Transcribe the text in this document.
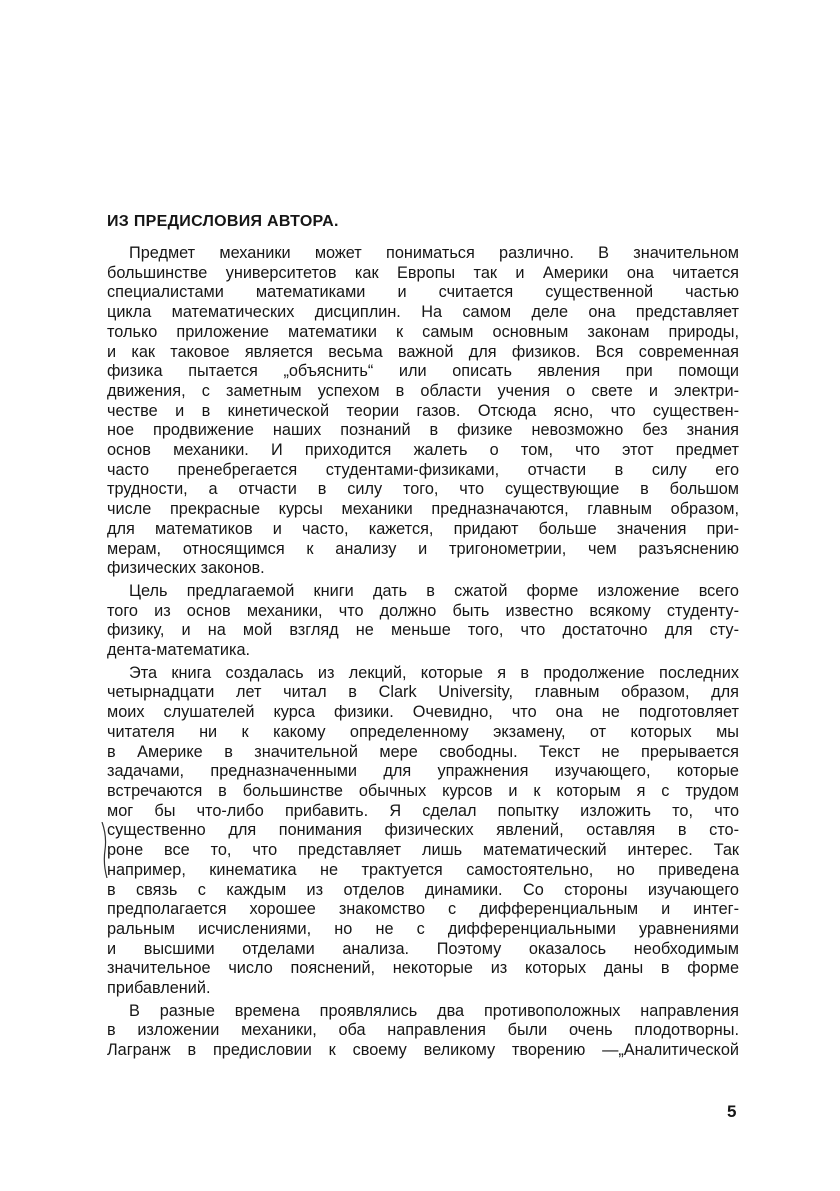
ИЗ ПРЕДИСЛОВИЯ АВТОРА.
Предмет механики может пониматься различно. В значительном
большинстве университетов как Европы так и Америки она читается
специалистами математиками и считается существенной частью
цикла математических дисциплин. На самом деле она представляет
только приложение математики к самым основным законам природы,
и как таковое является весьма важной для физиков. Вся современная
физика пытается „объяснить“ или описать явления при помощи
движения, с заметным успехом в области учения о свете и электри-
честве и в кинетической теории газов. Отсюда ясно, что существен-
ное продвижение наших познаний в физике невозможно без знания
основ механики. И приходится жалеть о том, что этот предмет
часто пренебрегается студентами-физиками, отчасти в силу его
трудности, а отчасти в силу того, что существующие в большом
числе прекрасные курсы механики предназначаются, главным образом,
для математиков и часто, кажется, придают больше значения при-
мерам, относящимся к анализу и тригонометрии, чем разъяснению
физических законов.
Цель предлагаемой книги дать в сжатой форме изложение всего
того из основ механики, что должно быть известно всякому студенту-
физику, и на мой взгляд не меньше того, что достаточно для сту-
дента-математика.
Эта книга создалась из лекций, которые я в продолжение последних
четырнадцати лет читал в Clark University, главным образом, для
моих слушателей курса физики. Очевидно, что она не подготовляет
читателя ни к какому определенному экзамену, от которых мы
в Америке в значительной мере свободны. Текст не прерывается
задачами, предназначенными для упражнения изучающего, которые
встречаются в большинстве обычных курсов и к которым я с трудом
мог бы что-либо прибавить. Я сделал попытку изложить то, что
существенно для понимания физических явлений, оставляя в сто-
роне все то, что представляет лишь математический интерес. Так
например, кинематика не трактуется самостоятельно, но приведена
в связь с каждым из отделов динамики. Со стороны изучающего
предполагается хорошее знакомство с дифференциальным и интег-
ральным исчислениями, но не с дифференциальными уравнениями
и высшими отделами анализа. Поэтому оказалось необходимым
значительное число пояснений, некоторые из которых даны в форме
прибавлений.
В разные времена проявлялись два противоположных направления
в изложении механики, оба направления были очень плодотворны.
Лагранж в предисловии к своему великому творению —„Аналитической
5
